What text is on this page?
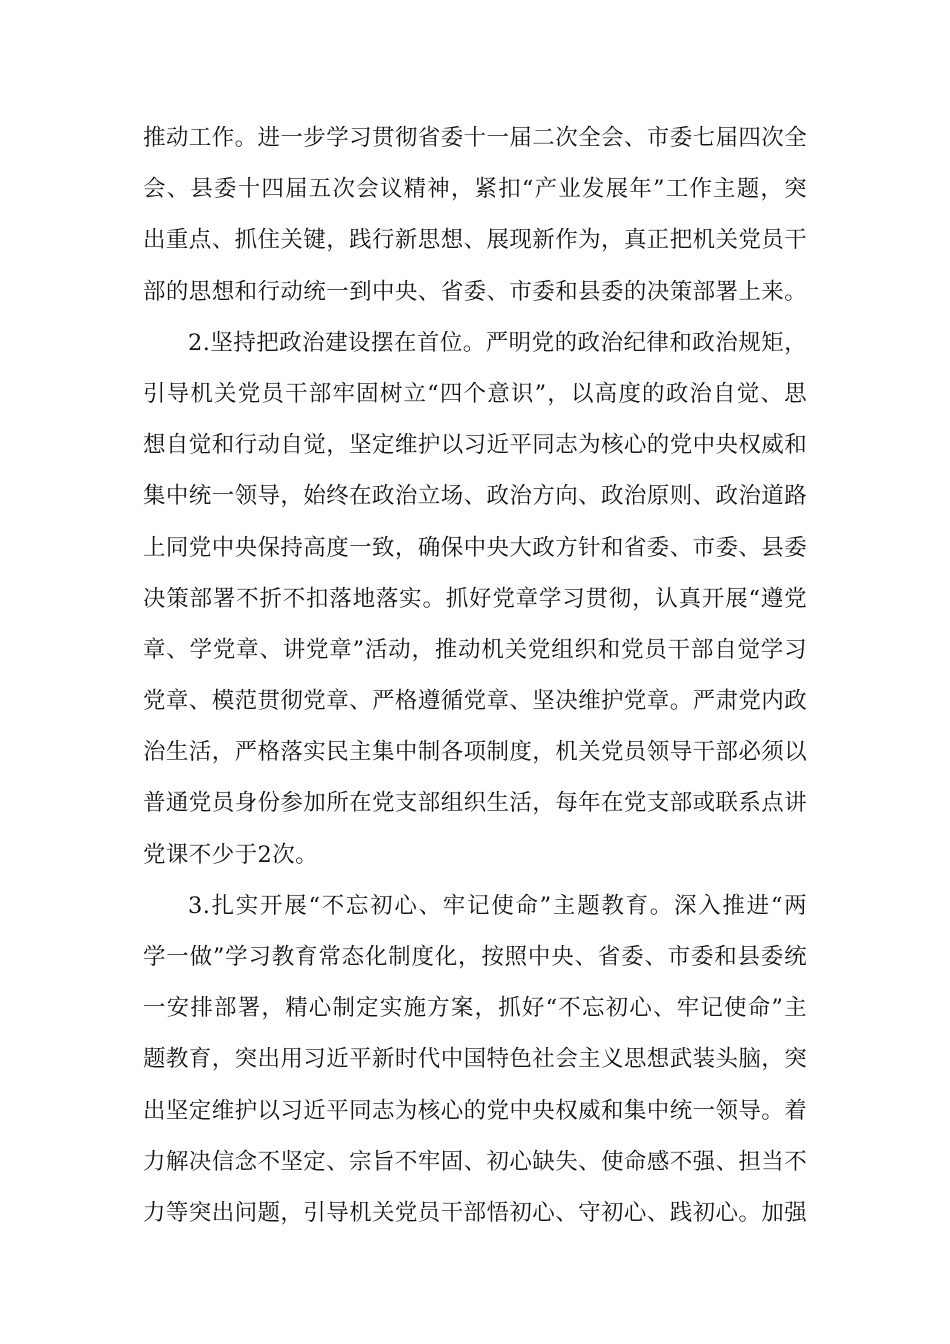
推动工作。进一步学习贯彻省委十一届二次全会、市委七届四次全
会、县委十四届五次会议精神，紧扣“产业发展年”工作主题，突
出重点、抓住关键，践行新思想、展现新作为，真正把机关党员干
部的思想和行动统一到中央、省委、市委和县委的决策部署上来。
2.坚持把政治建设摆在首位。严明党的政治纪律和政治规矩，
引导机关党员干部牢固树立“四个意识”，以高度的政治自觉、思
想自觉和行动自觉，坚定维护以习近平同志为核心的党中央权威和
集中统一领导，始终在政治立场、政治方向、政治原则、政治道路
上同党中央保持高度一致，确保中央大政方针和省委、市委、县委
决策部署不折不扣落地落实。抓好党章学习贯彻，认真开展“遵党
章、学党章、讲党章”活动，推动机关党组织和党员干部自觉学习
党章、模范贯彻党章、严格遵循党章、坚决维护党章。严肃党内政
治生活，严格落实民主集中制各项制度，机关党员领导干部必须以
普通党员身份参加所在党支部组织生活，每年在党支部或联系点讲
党课不少于2次。
3.扎实开展“不忘初心、牢记使命”主题教育。深入推进“两
学一做”学习教育常态化制度化，按照中央、省委、市委和县委统
一安排部署，精心制定实施方案，抓好“不忘初心、牢记使命”主
题教育，突出用习近平新时代中国特色社会主义思想武装头脑，突
出坚定维护以习近平同志为核心的党中央权威和集中统一领导。着
力解决信念不坚定、宗旨不牢固、初心缺失、使命感不强、担当不
力等突出问题，引导机关党员干部悟初心、守初心、践初心。加强
